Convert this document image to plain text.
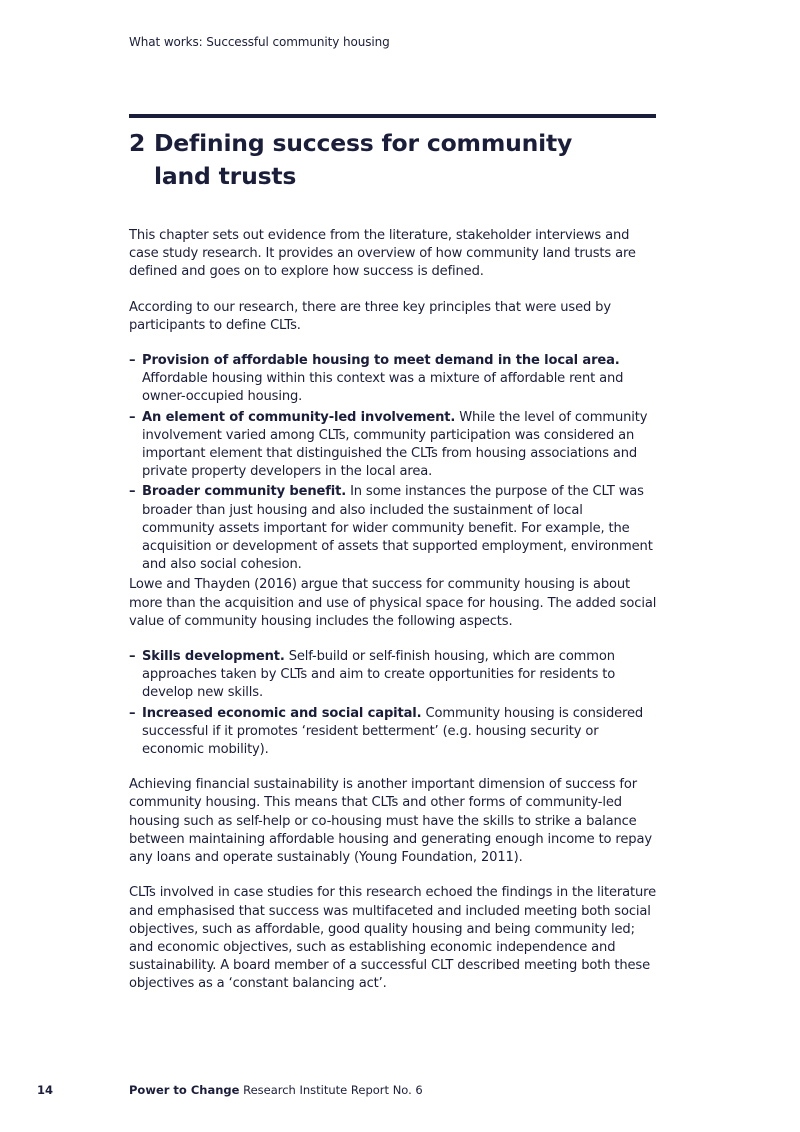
What works: Successful community housing
2 Defining success for community
land trusts

This chapter sets out evidence from the literature, stakeholder interviews and case study research. It provides an overview of how community land trusts are defined and goes on to explore how success is defined.

According to our research, there are three key principles that were used by participants to define CLTs.

– Provision of affordable housing to meet demand in the local area. Affordable housing within this context was a mixture of affordable rent and owner-occupied housing.
– An element of community-led involvement. While the level of community involvement varied among CLTs, community participation was considered an important element that distinguished the CLTs from housing associations and private property developers in the local area.
– Broader community benefit. In some instances the purpose of the CLT was broader than just housing and also included the sustainment of local community assets important for wider community benefit. For example, the acquisition or development of assets that supported employment, environment and also social cohesion.

Lowe and Thayden (2016) argue that success for community housing is about more than the acquisition and use of physical space for housing. The added social value of community housing includes the following aspects.

– Skills development. Self-build or self-finish housing, which are common approaches taken by CLTs and aim to create opportunities for residents to develop new skills.
– Increased economic and social capital. Community housing is considered successful if it promotes ‘resident betterment’ (e.g. housing security or economic mobility).

Achieving financial sustainability is another important dimension of success for community housing. This means that CLTs and other forms of community-led housing such as self-help or co-housing must have the skills to strike a balance between maintaining affordable housing and generating enough income to repay any loans and operate sustainably (Young Foundation, 2011).

CLTs involved in case studies for this research echoed the findings in the literature and emphasised that success was multifaceted and included meeting both social objectives, such as affordable, good quality housing and being community led; and economic objectives, such as establishing economic independence and sustainability. A board member of a successful CLT described meeting both these objectives as a ‘constant balancing act’.

14	Power to Change Research Institute Report No. 6
